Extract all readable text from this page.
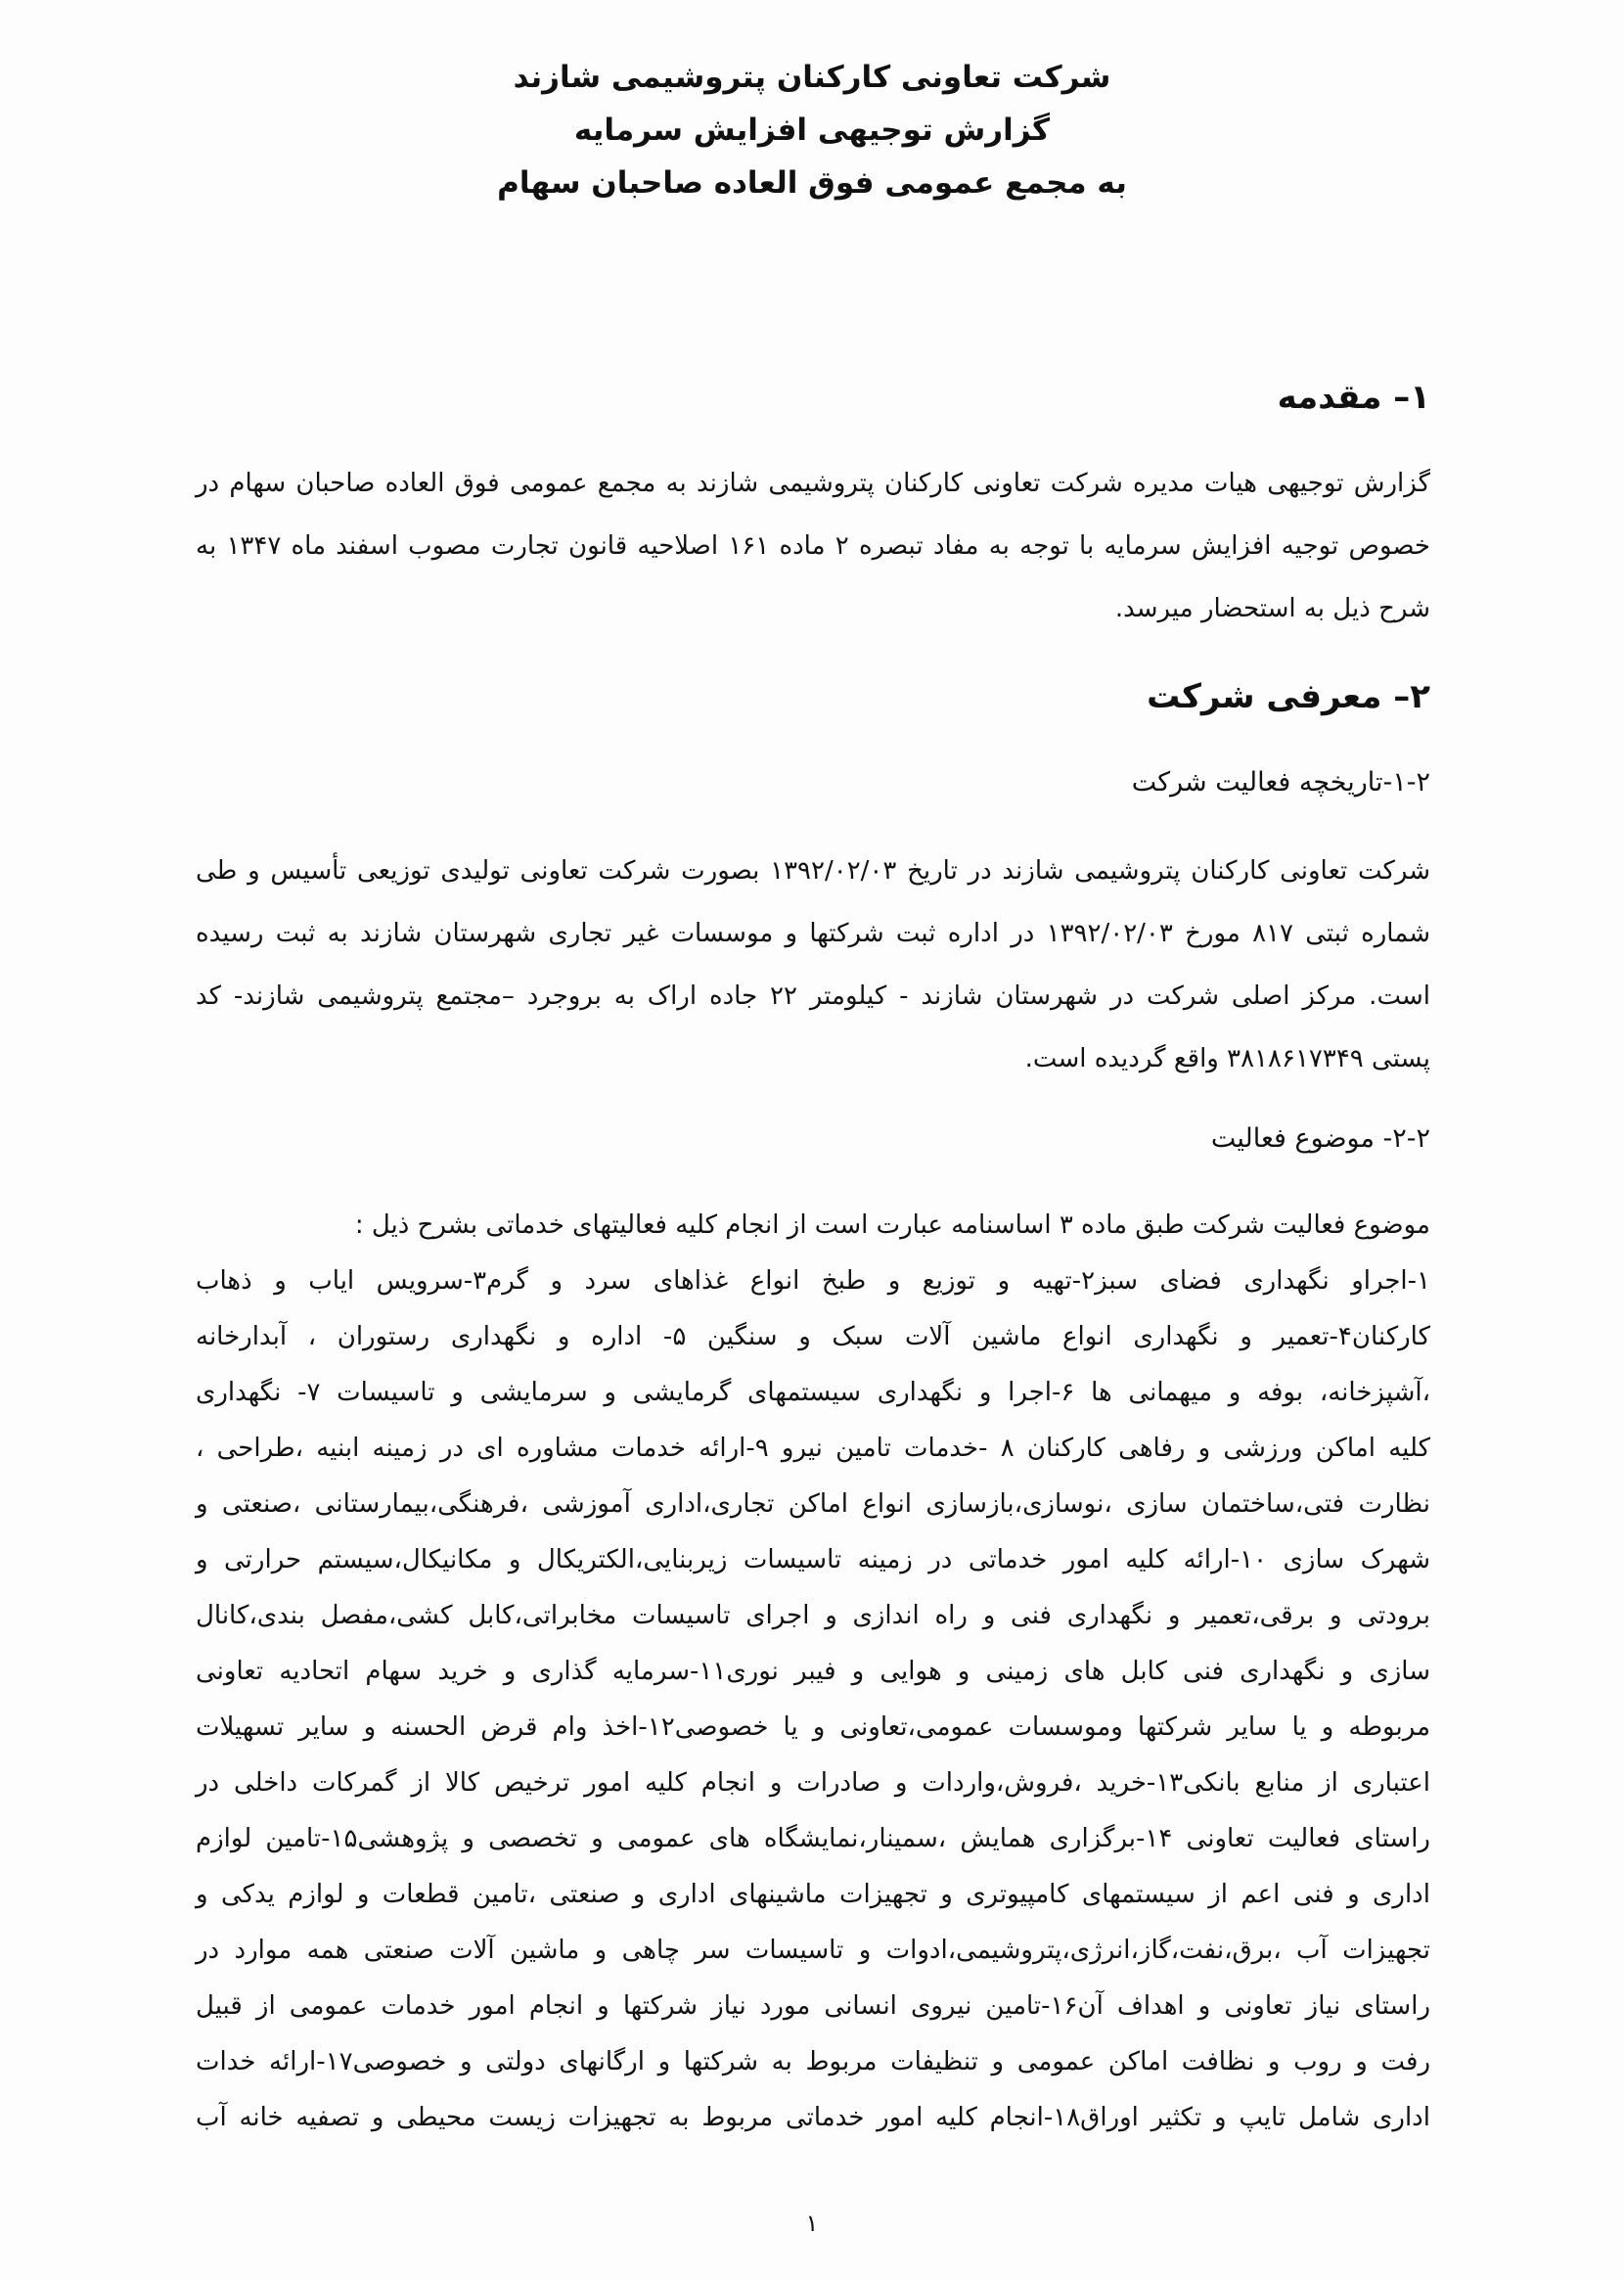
شرکت تعاونی کارکنان پتروشیمی شازند
گزارش توجیهی افزایش سرمایه
به مجمع عمومی فوق العاده صاحبان سهام
۱– مقدمه
گزارش توجیهی هیات مدیره شرکت تعاونی کارکنان پتروشیمی شازند به مجمع عمومی فوق العاده صاحبان سهام در
خصوص توجیه افزایش سرمایه با توجه به مفاد تبصره ۲ ماده ۱۶۱ اصلاحیه قانون تجارت مصوب اسفند ماه ۱۳۴۷ به
شرح ذیل به استحضار میرسد.
۲– معرفی شرکت
۱-۲-تاریخچه فعالیت شرکت
شرکت تعاونی کارکنان پتروشیمی شازند در تاریخ ۱۳۹۲/۰۲/۰۳ بصورت شرکت تعاونی تولیدی توزیعی تأسیس و طی
شماره ثبتی ۸۱۷ مورخ ۱۳۹۲/۰۲/۰۳ در اداره ثبت شرکتها و موسسات غیر تجاری شهرستان شازند به ثبت رسیده
است. مرکز اصلی شرکت در شهرستان شازند - کیلومتر ۲۲ جاده اراک به بروجرد –مجتمع پتروشیمی شازند- کد
پستی ۳۸۱۸۶۱۷۳۴۹ واقع گردیده است.
۲-۲- موضوع فعالیت
موضوع فعالیت شرکت طبق ماده ۳ اساسنامه عبارت است از انجام کلیه فعالیتهای خدماتی بشرح ذیل :
۱-اجراو نگهداری فضای سبز۲-تهیه و توزیع و طبخ انواع غذاهای سرد و گرم۳-سرویس ایاب و ذهاب
کارکنان۴-تعمیر و نگهداری انواع ماشین آلات سبک و سنگین ۵- اداره و نگهداری رستوران ، آبدارخانه
،آشپزخانه، بوفه و میهمانی ها ۶-اجرا و نگهداری سیستمهای گرمایشی و سرمایشی و تاسیسات ۷- نگهداری
کلیه اماکن ورزشی و رفاهی کارکنان ۸ -خدمات تامین نیرو ۹-ارائه خدمات مشاوره ای در زمینه ابنیه ،طراحی ،
نظارت فتی،ساختمان سازی ،نوسازی،بازسازی انواع اماکن تجاری،اداری آموزشی ،فرهنگی،بیمارستانی ،صنعتی و
شهرک سازی ۱۰-ارائه کلیه امور خدماتی در زمینه تاسیسات زیربنایی،الکتریکال و مکانیکال،سیستم حرارتی و
برودتی و برقی،تعمیر و نگهداری فنی و راه اندازی و اجرای تاسیسات مخابراتی،کابل کشی،مفصل بندی،کانال
سازی و نگهداری فنی کابل های زمینی و هوایی و فیبر نوری۱۱-سرمایه گذاری و خرید سهام اتحادیه تعاونی
مربوطه و یا سایر شرکتها وموسسات عمومی،تعاونی و یا خصوصی۱۲-اخذ وام قرض الحسنه و سایر تسهیلات
اعتباری از منابع بانکی۱۳-خرید ،فروش،واردات و صادرات و انجام کلیه امور ترخیص کالا از گمرکات داخلی در
راستای فعالیت تعاونی ۱۴-برگزاری همایش ،سمینار،نمایشگاه های عمومی و تخصصی و پژوهشی۱۵-تامین لوازم
اداری و فنی اعم از سیستمهای کامپیوتری و تجهیزات ماشینهای اداری و صنعتی ،تامین قطعات و لوازم یدکی و
تجهیزات آب ،برق،نفت،گاز،انرژی،پتروشیمی،ادوات و تاسیسات سر چاهی و ماشین آلات صنعتی همه موارد در
راستای نیاز تعاونی و اهداف آن۱۶-تامین نیروی انسانی مورد نیاز شرکتها و انجام امور خدمات عمومی از قبیل
رفت و روب و نظافت اماکن عمومی و تنظیفات مربوط به شرکتها و ارگانهای دولتی و خصوصی۱۷-ارائه خدات
اداری شامل تایپ و تکثیر اوراق۱۸-انجام کلیه امور خدماتی مربوط به تجهیزات زیست محیطی و تصفیه خانه آب
۱
